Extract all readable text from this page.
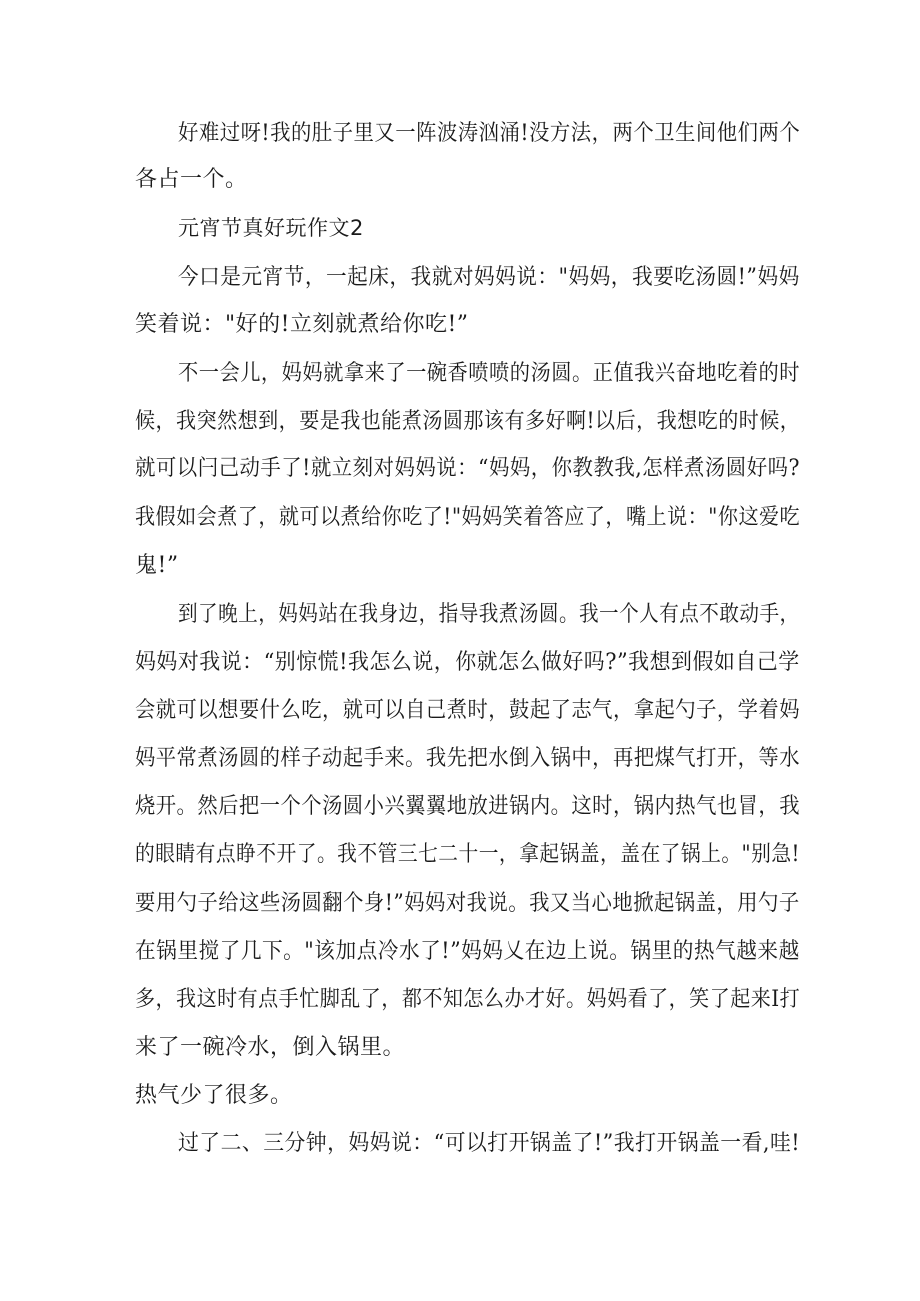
好难过呀!我的肚子里又一阵波涛汹涌!没方法，两个卫生间他们两个

各占一个。

元宵节真好玩作文2

今口是元宵节，一起床，我就对妈妈说："妈妈，我要吃汤圆!”妈妈

笑着说："好的!立刻就煮给你吃!”

不一会儿，妈妈就拿来了一碗香喷喷的汤圆。正值我兴奋地吃着的时

候，我突然想到，要是我也能煮汤圆那该有多好啊!以后，我想吃的时候，

就可以闩己动手了!就立刻对妈妈说：“妈妈，你教教我,怎样煮汤圆好吗?

我假如会煮了，就可以煮给你吃了!"妈妈笑着答应了，嘴上说："你这爱吃

鬼!”

到了晚上，妈妈站在我身边，指导我煮汤圆。我一个人有点不敢动手，

妈妈对我说：“别惊慌!我怎么说，你就怎么做好吗?”我想到假如自己学

会就可以想要什么吃，就可以自己煮时，鼓起了志气，拿起勺子，学着妈

妈平常煮汤圆的样子动起手来。我先把水倒入锅中，再把煤气打开，等水

烧开。然后把一个个汤圆小兴翼翼地放进锅内。这时，锅内热气也冒，我

的眼睛有点睁不开了。我不管三七二十一，拿起锅盖，盖在了锅上。"别急!

要用勺子给这些汤圆翻个身!”妈妈对我说。我又当心地掀起锅盖，用勺子

在锅里搅了几下。"该加点冷水了!”妈妈乂在边上说。锅里的热气越来越

多，我这时有点手忙脚乱了，都不知怎么办才好。妈妈看了，笑了起来I打

来了一碗冷水，倒入锅里。

热气少了很多。

过了二、三分钟，妈妈说：“可以打开锅盖了!”我打开锅盖一看,哇!
